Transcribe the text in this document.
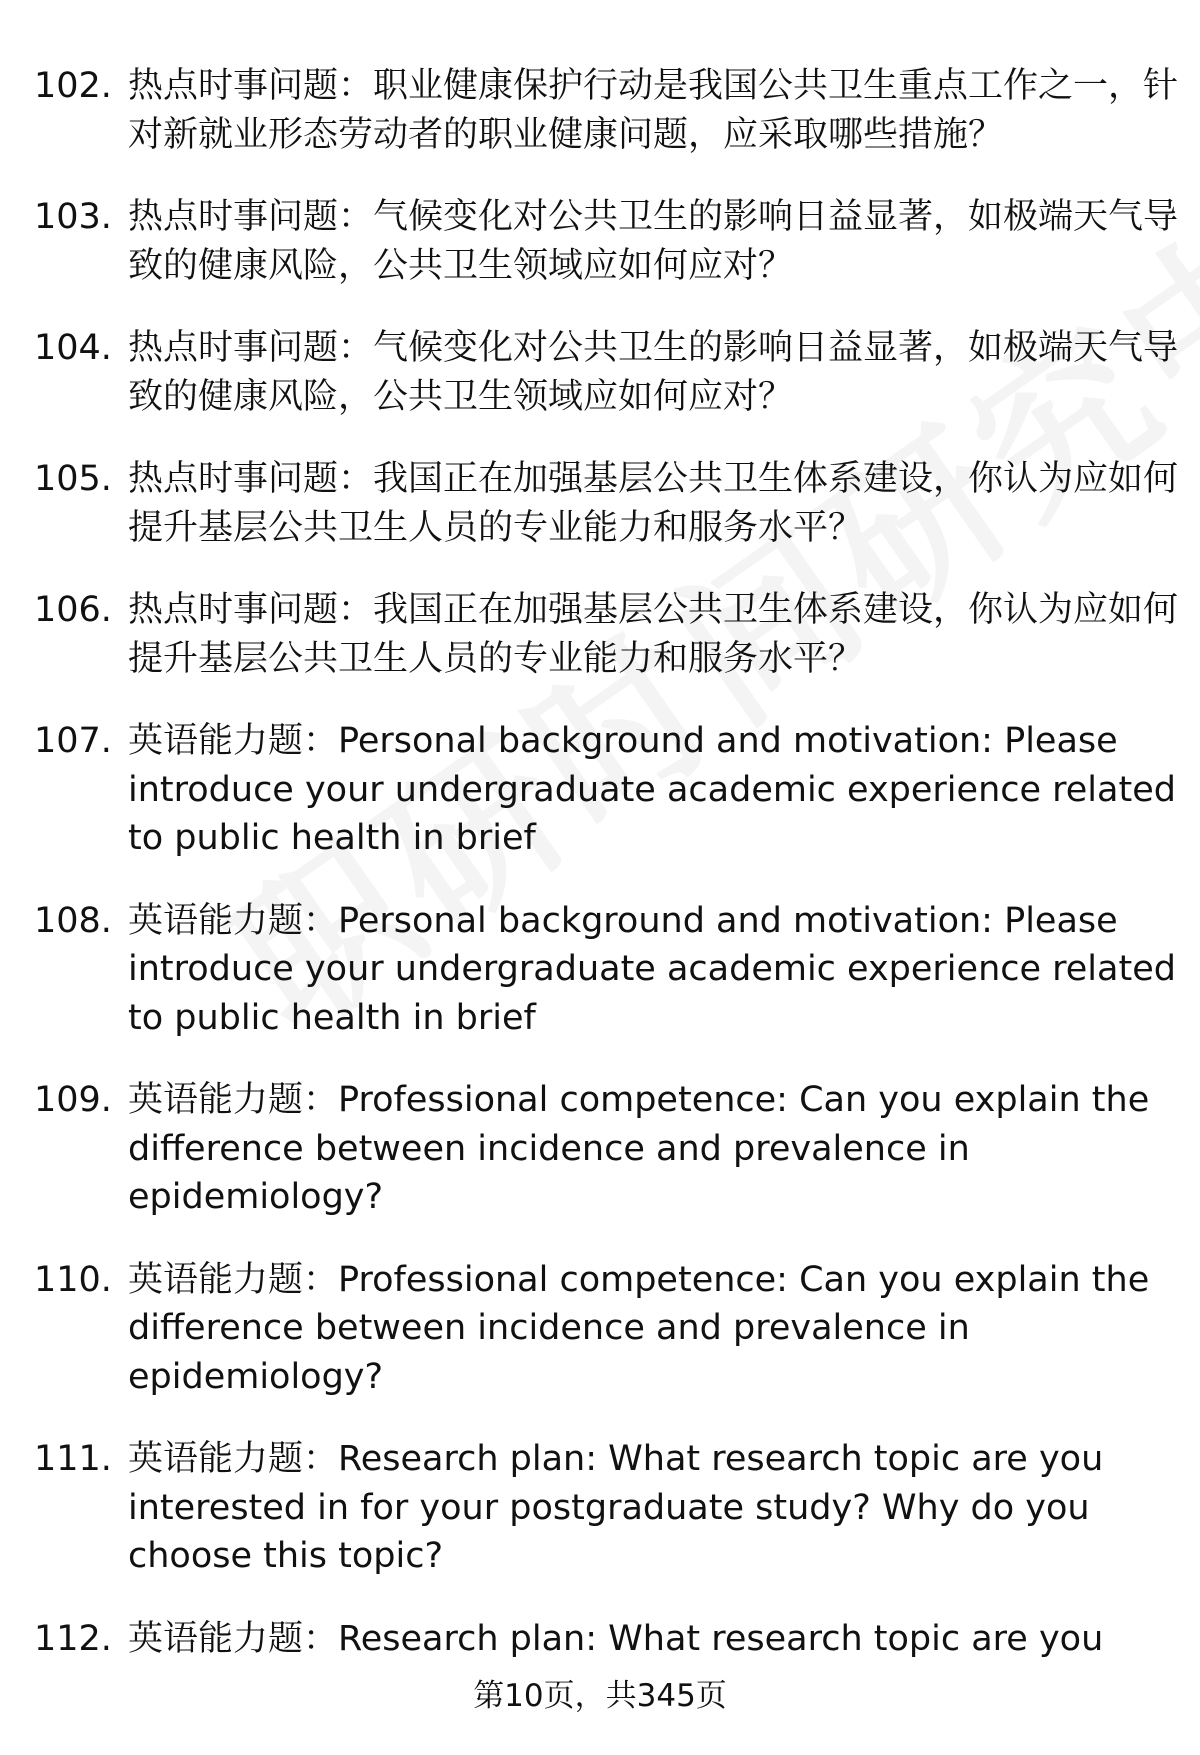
102. 热点时事问题：职业健康保护行动是我国公共卫生重点工作之一，针对新就业形态劳动者的职业健康问题，应采取哪些措施？
103. 热点时事问题：气候变化对公共卫生的影响日益显著，如极端天气导致的健康风险，公共卫生领域应如何应对？
104. 热点时事问题：气候变化对公共卫生的影响日益显著，如极端天气导致的健康风险，公共卫生领域应如何应对？
105. 热点时事问题：我国正在加强基层公共卫生体系建设，你认为应如何提升基层公共卫生人员的专业能力和服务水平？
106. 热点时事问题：我国正在加强基层公共卫生体系建设，你认为应如何提升基层公共卫生人员的专业能力和服务水平？
107. 英语能力题：Personal background and motivation: Please introduce your undergraduate academic experience related to public health in brief
108. 英语能力题：Personal background and motivation: Please introduce your undergraduate academic experience related to public health in brief
109. 英语能力题：Professional competence: Can you explain the difference between incidence and prevalence in epidemiology?
110. 英语能力题：Professional competence: Can you explain the difference between incidence and prevalence in epidemiology?
111. 英语能力题：Research plan: What research topic are you interested in for your postgraduate study? Why do you choose this topic?
112. 英语能力题：Research plan: What research topic are you
第10页，共345页
